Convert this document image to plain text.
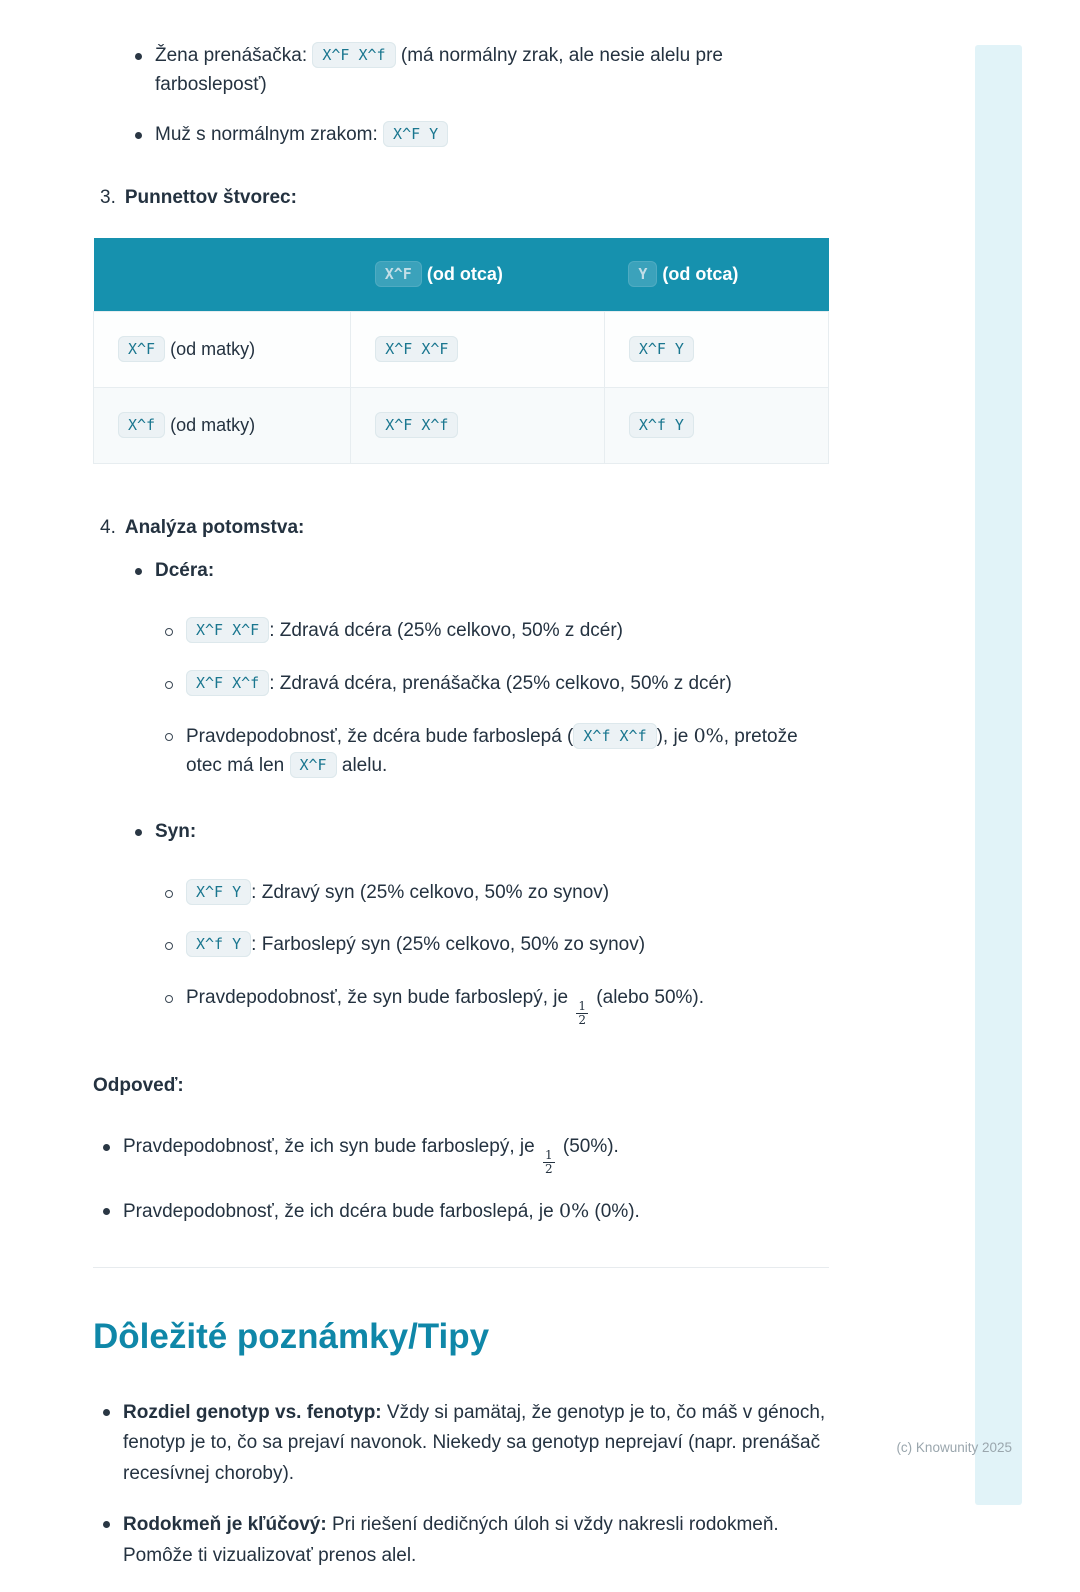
Žena prenášačka: X^F X^f (má normálny zrak, ale nesie alelu pre farbosleposť)
Muž s normálnym zrakom: X^F Y
3. Punnettov štvorec:
	X^F (od otca)	Y (od otca)
X^F (od matky)	X^F X^F	X^F Y
X^f (od matky)	X^F X^f	X^f Y
4. Analýza potomstva:
Dcéra:
X^F X^F : Zdravá dcéra (25% celkovo, 50% z dcér)
X^F X^f : Zdravá dcéra, prenášačka (25% celkovo, 50% z dcér)
Pravdepodobnosť, že dcéra bude farboslepá ( X^f X^f ), je 0%, pretože otec má len X^F alelu.
Syn:
X^F Y : Zdravý syn (25% celkovo, 50% zo synov)
X^f Y : Farboslepý syn (25% celkovo, 50% zo synov)
Pravdepodobnosť, že syn bude farboslepý, je
$\frac{1}{2}$
(alebo 50%).
Odpoveď:
Pravdepodobnosť, že ich syn bude farboslepý, je
$\frac{1}{2}$
(50%).
Pravdepodobnosť, že ich dcéra bude farboslepá, je 0% (0%).
Dôležité poznámky/Tipy
Rozdiel genotyp vs. fenotyp: Vždy si pamätaj, že genotyp je to, čo máš v génoch, fenotyp je to, čo sa prejaví navonok. Niekedy sa genotyp neprejaví (napr. prenášač recesívnej choroby).
Rodokmeň je kľúčový: Pri riešení dedičných úloh si vždy nakresli rodokmeň. Pomôže ti vizualizovať prenos alel.
(c) Knowunity 2025
